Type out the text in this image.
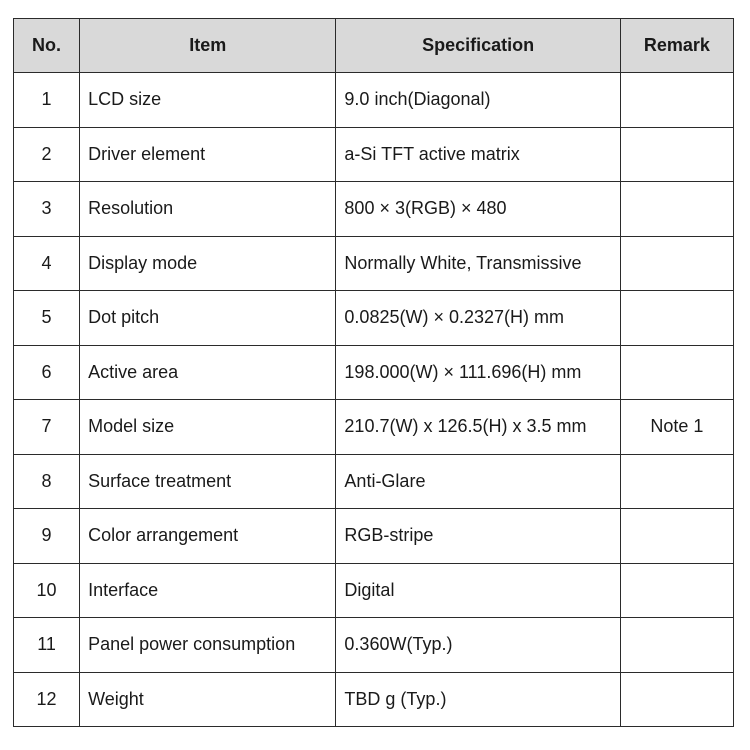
No.	Item	Specification	Remark
1	LCD size	9.0 inch(Diagonal)	
2	Driver element	a-Si TFT active matrix	
3	Resolution	800 × 3(RGB) × 480	
4	Display mode	Normally White, Transmissive	
5	Dot pitch	0.0825(W) × 0.2327(H) mm	
6	Active area	198.000(W) × 111.696(H) mm	
7	Model size	210.7(W) x 126.5(H) x 3.5 mm	Note 1
8	Surface treatment	Anti-Glare	
9	Color arrangement	RGB-stripe	
10	Interface	Digital	
11	Panel power consumption	0.360W(Typ.)	
12	Weight	TBD g (Typ.)	
